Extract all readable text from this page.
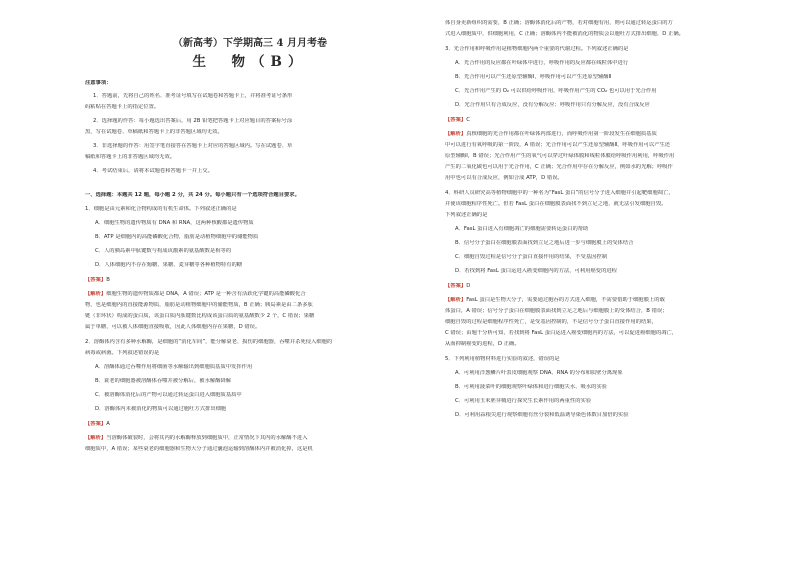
（新高考）下学期高三 4 月月考卷
生　物（B）
注意事项：
1．答题前，先将自己的姓名、准考证号填写在试题卷和答题卡上，并将准考证号条形
码粘贴在答题卡上的指定位置。
2．选择题的作答：每小题选出答案后，用 2B 铅笔把答题卡上对应题目的答案标号涂
黑，写在试题卷、草稿纸和答题卡上的非答题区域均无效。
3．非选择题的作答：用签字笔直接答在答题卡上对应的答题区域内。写在试题卷、草
稿纸和答题卡上的非答题区域均无效。
4．考试结束后，请将本试题卷和答题卡一并上交。
一、选择题：本题共 12 题，每小题 2 分，共 24 分。每小题只有一个选项符合题目要求。
1．细胞是由元素和化合物构成的有机生命体。下列叙述正确的是
A．细胞生物的遗传物质有 DNA 和 RNA，这两种核酸都是遗传物质
B．ATP 是细胞内的高能磷酸化合物，脂肪是动植物细胞中的储能物质
C．人的胰岛素中肽键数与构成该激素的氨基酸数是相等的
D．人体细胞内不存在葡糖、果糖、麦芽糖等各种植物特有的糖
【答案】B
【解析】细胞生物的遗传物质都是 DNA，A 错误；ATP 是一种含有活跃化学键的高能磷酸化合
物，也是细胞内的直接能源物质，脂肪是动植物细胞中的储能物质，B 正确；胰岛素是由二条多肽
链（非环状）构成的蛋白质，该蛋白质内肽键数比构成该蛋白质的氨基酸数少 2 个，C 错误；果糖
属于单糖，可以被人体细胞直接吸收，因此人体细胞内存在果糖，D 错误。
2．溶酶体内含有多种水解酶，是细胞的“消化车间”，能分解衰老、损伤的细胞器，吞噬并杀死侵入细胞的
病毒或病菌。下列叙述错误的是
A．溶酶体通过吞噬作用将细菌等水解输出到细胞质基质中发挥作用
B．衰老的细胞器被溶酶体吞噬并被分解后，被水解酶降解
C．被溶酶体消化后的产物可以通过转运蛋白进入细胞质基质中
D．溶酶体内未被消化的物质可以通过胞吐方式排出细胞
【答案】A
【解析】当溶酶体破裂时，会将其内的水解酶释放到细胞质中，正常情况下其内的水解酶不进入
细胞质中，A 错误；某些衰老的细胞器和生物大分子通过囊泡运输到溶酶体内并被消化掉，这是机
体自身更新组织的需要，B 正确；溶酶体消化后的产物，若对细胞有用，则可以通过转运蛋白的方
式进入细胞质中，供细胞利用，C 正确；溶酶体内不能被消化的物质会以胞吐方式排出细胞，D 正确。
3．光合作用和呼吸作用是植物细胞内两个重要的代谢过程。下列叙述正确的是
A．光合作用的反应都在叶绿体中进行，呼吸作用的反应都在线粒体中进行
B．光合作用可以产生还原型辅酶Ⅰ，呼吸作用可以产生还原型辅酶Ⅱ
C．光合作用产生的 O₂ 可以供给呼吸作用，呼吸作用产生的 CO₂ 也可以用于光合作用
D．光合作用只有合成反应，没有分解反应；呼吸作用只有分解反应，没有合成反应
【答案】C
【解析】真核细胞的光合作用都在叶绿体内部进行，而呼吸作用第一阶段发生在细胞质基质
中可以进行有氧呼吸的第一阶段，A 错误；光合作用可以产生还原型辅酶Ⅱ，呼吸作用可以产生还
原型辅酶Ⅰ，B 错误；光合作用产生的氧气可以穿过叶绿体膜和线粒体膜给呼吸作用利用，呼吸作用
产生的二氧化碳也可以用于光合作用，C 正确；光合作用中存在分解反应，例如水的光解；呼吸作
用中也可以有合成反应，例如合成 ATP，D 错误。
4．科研人员研究高等植物细胞中的一种名为“FasL 蛋白”的信号分子进入细胞并引起靶细胞凋亡，
并使该细胞程序性死亡。但若 FasL 蛋白在细胞膜表面找不到立足之地，就无法引发细胞自毁。
下列叙述正确的是
A．FasL 蛋白进入有细胞凋亡的细胞需要转运蛋白的帮助
B．信号分子蛋白在细胞膜表面找到立足之地后进一步与细胞膜上的受体结合
C．细胞自毁过程是信号分子蛋白直接作用的结果，不受基因控制
D．若找到将 FasL 蛋白运进入癌变细胞内的方法，可利用癌变的进程
【答案】D
【解析】FasL 蛋白是生物大分子，需要通过胞吞的方式进入细胞，不需要借助于细胞膜上的载
体蛋白，A 错误；信号分子蛋白在细胞膜表面找到立足之地后与细胞膜上的受体结合，B 错误；
细胞自毁的过程是细胞程序性死亡，是受基因控制的，不是信号分子蛋白直接作用的结果，
C 错误；由题干分析可知，若找到将 FasL 蛋白运进入癌变细胞内的方法，可以促进癌细胞的凋亡，
从而抑制癌变的进程，D 正确。
5．下列利用植物材料进行实验的叙述，错误的是
A．可利用洋葱鳞片叶表皮细胞观察 DNA、RNA 的分布和质壁分离现象
B．可利用菠菜叶的细胞观察叶绿体和进行细胞失水、吸水的实验
C．可利用玉米胚芽鞘进行探究生长素作用的两重性的实验
D．可利用蒜根尖进行观察细胞有丝分裂和低温诱导染色体数目加倍的实验
